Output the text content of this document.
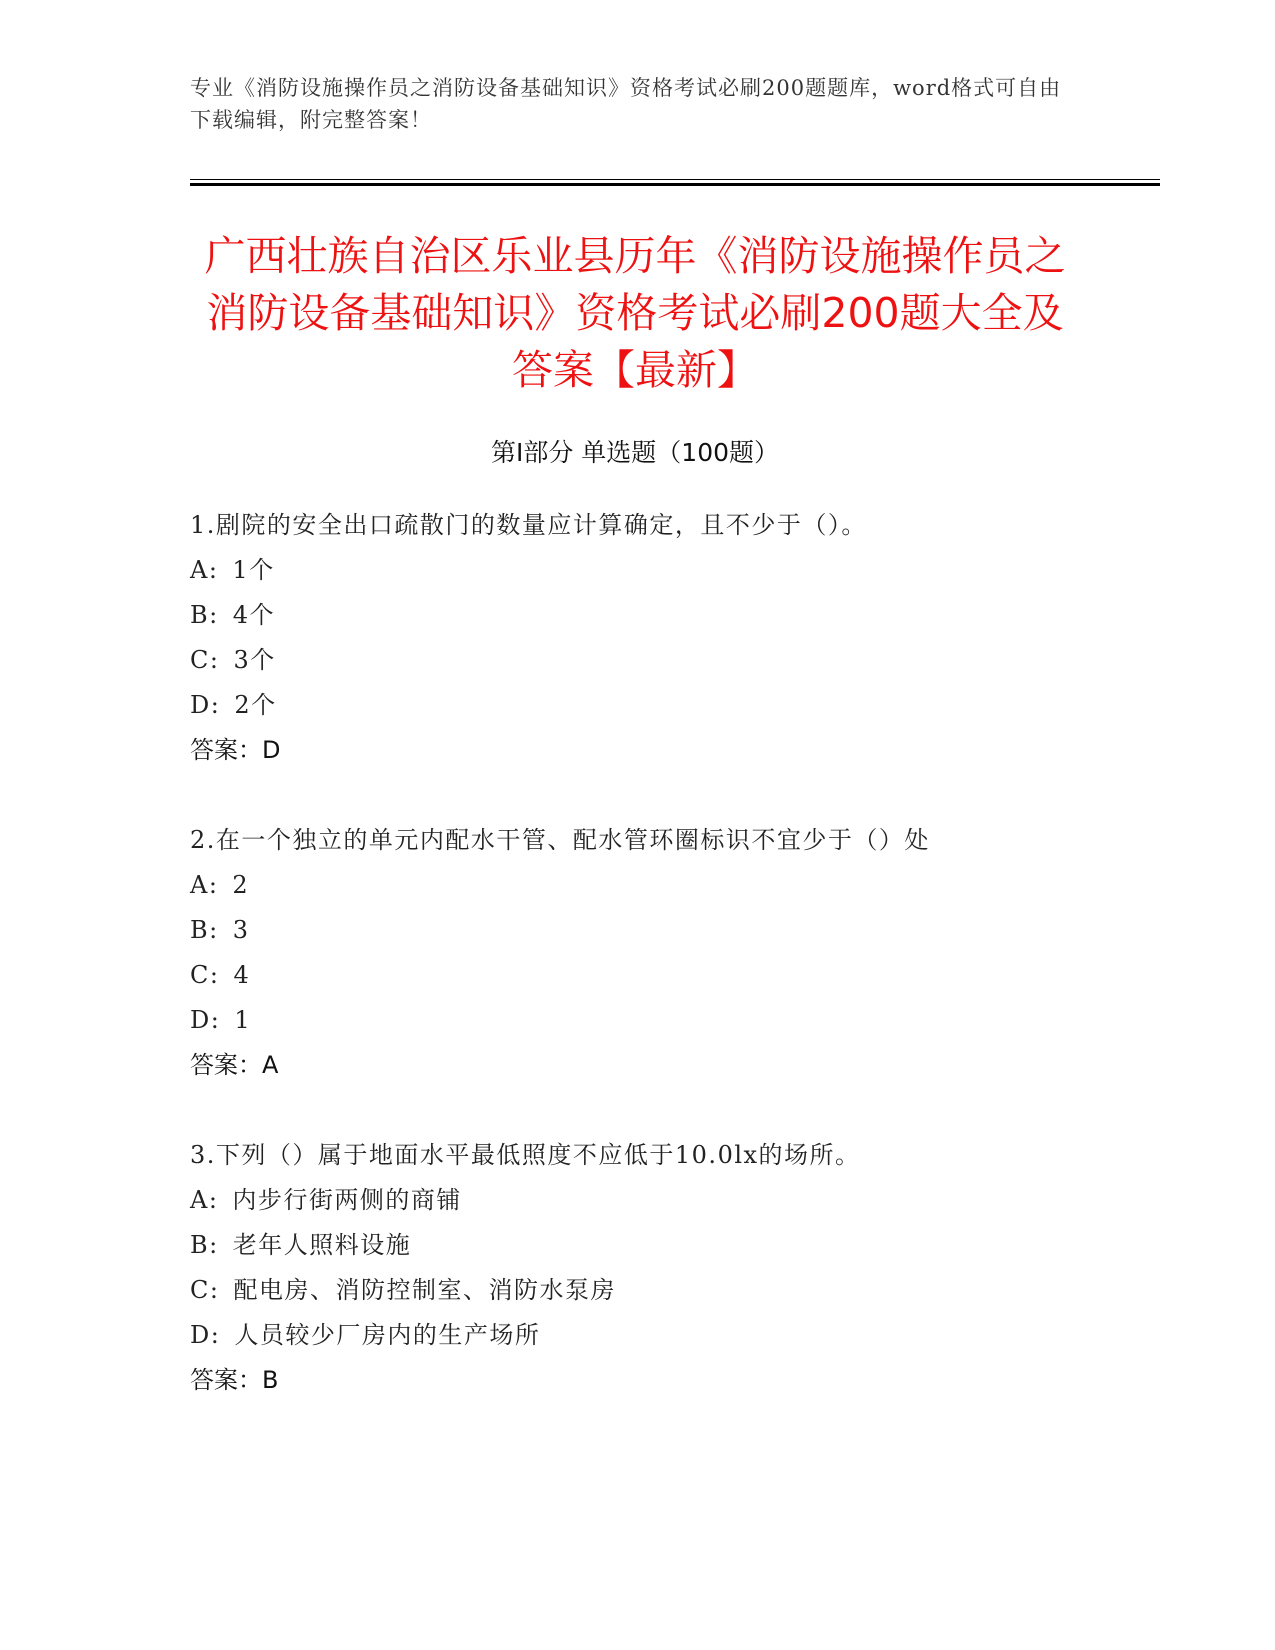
专业《消防设施操作员之消防设备基础知识》资格考试必刷200题题库，word格式可自由下载编辑，附完整答案！
广西壮族自治区乐业县历年《消防设施操作员之消防设备基础知识》资格考试必刷200题大全及答案【最新】
第Ⅰ部分 单选题（100题）
1.剧院的安全出口疏散门的数量应计算确定，且不少于（）。
A: 1个
B: 4个
C: 3个
D: 2个
答案：D
2.在一个独立的单元内配水干管、配水管环圈标识不宜少于（）处
A: 2
B: 3
C: 4
D: 1
答案：A
3.下列（）属于地面水平最低照度不应低于10.0lx的场所。
A: 内步行街两侧的商铺
B: 老年人照料设施
C: 配电房、消防控制室、消防水泵房
D: 人员较少厂房内的生产场所
答案：B
